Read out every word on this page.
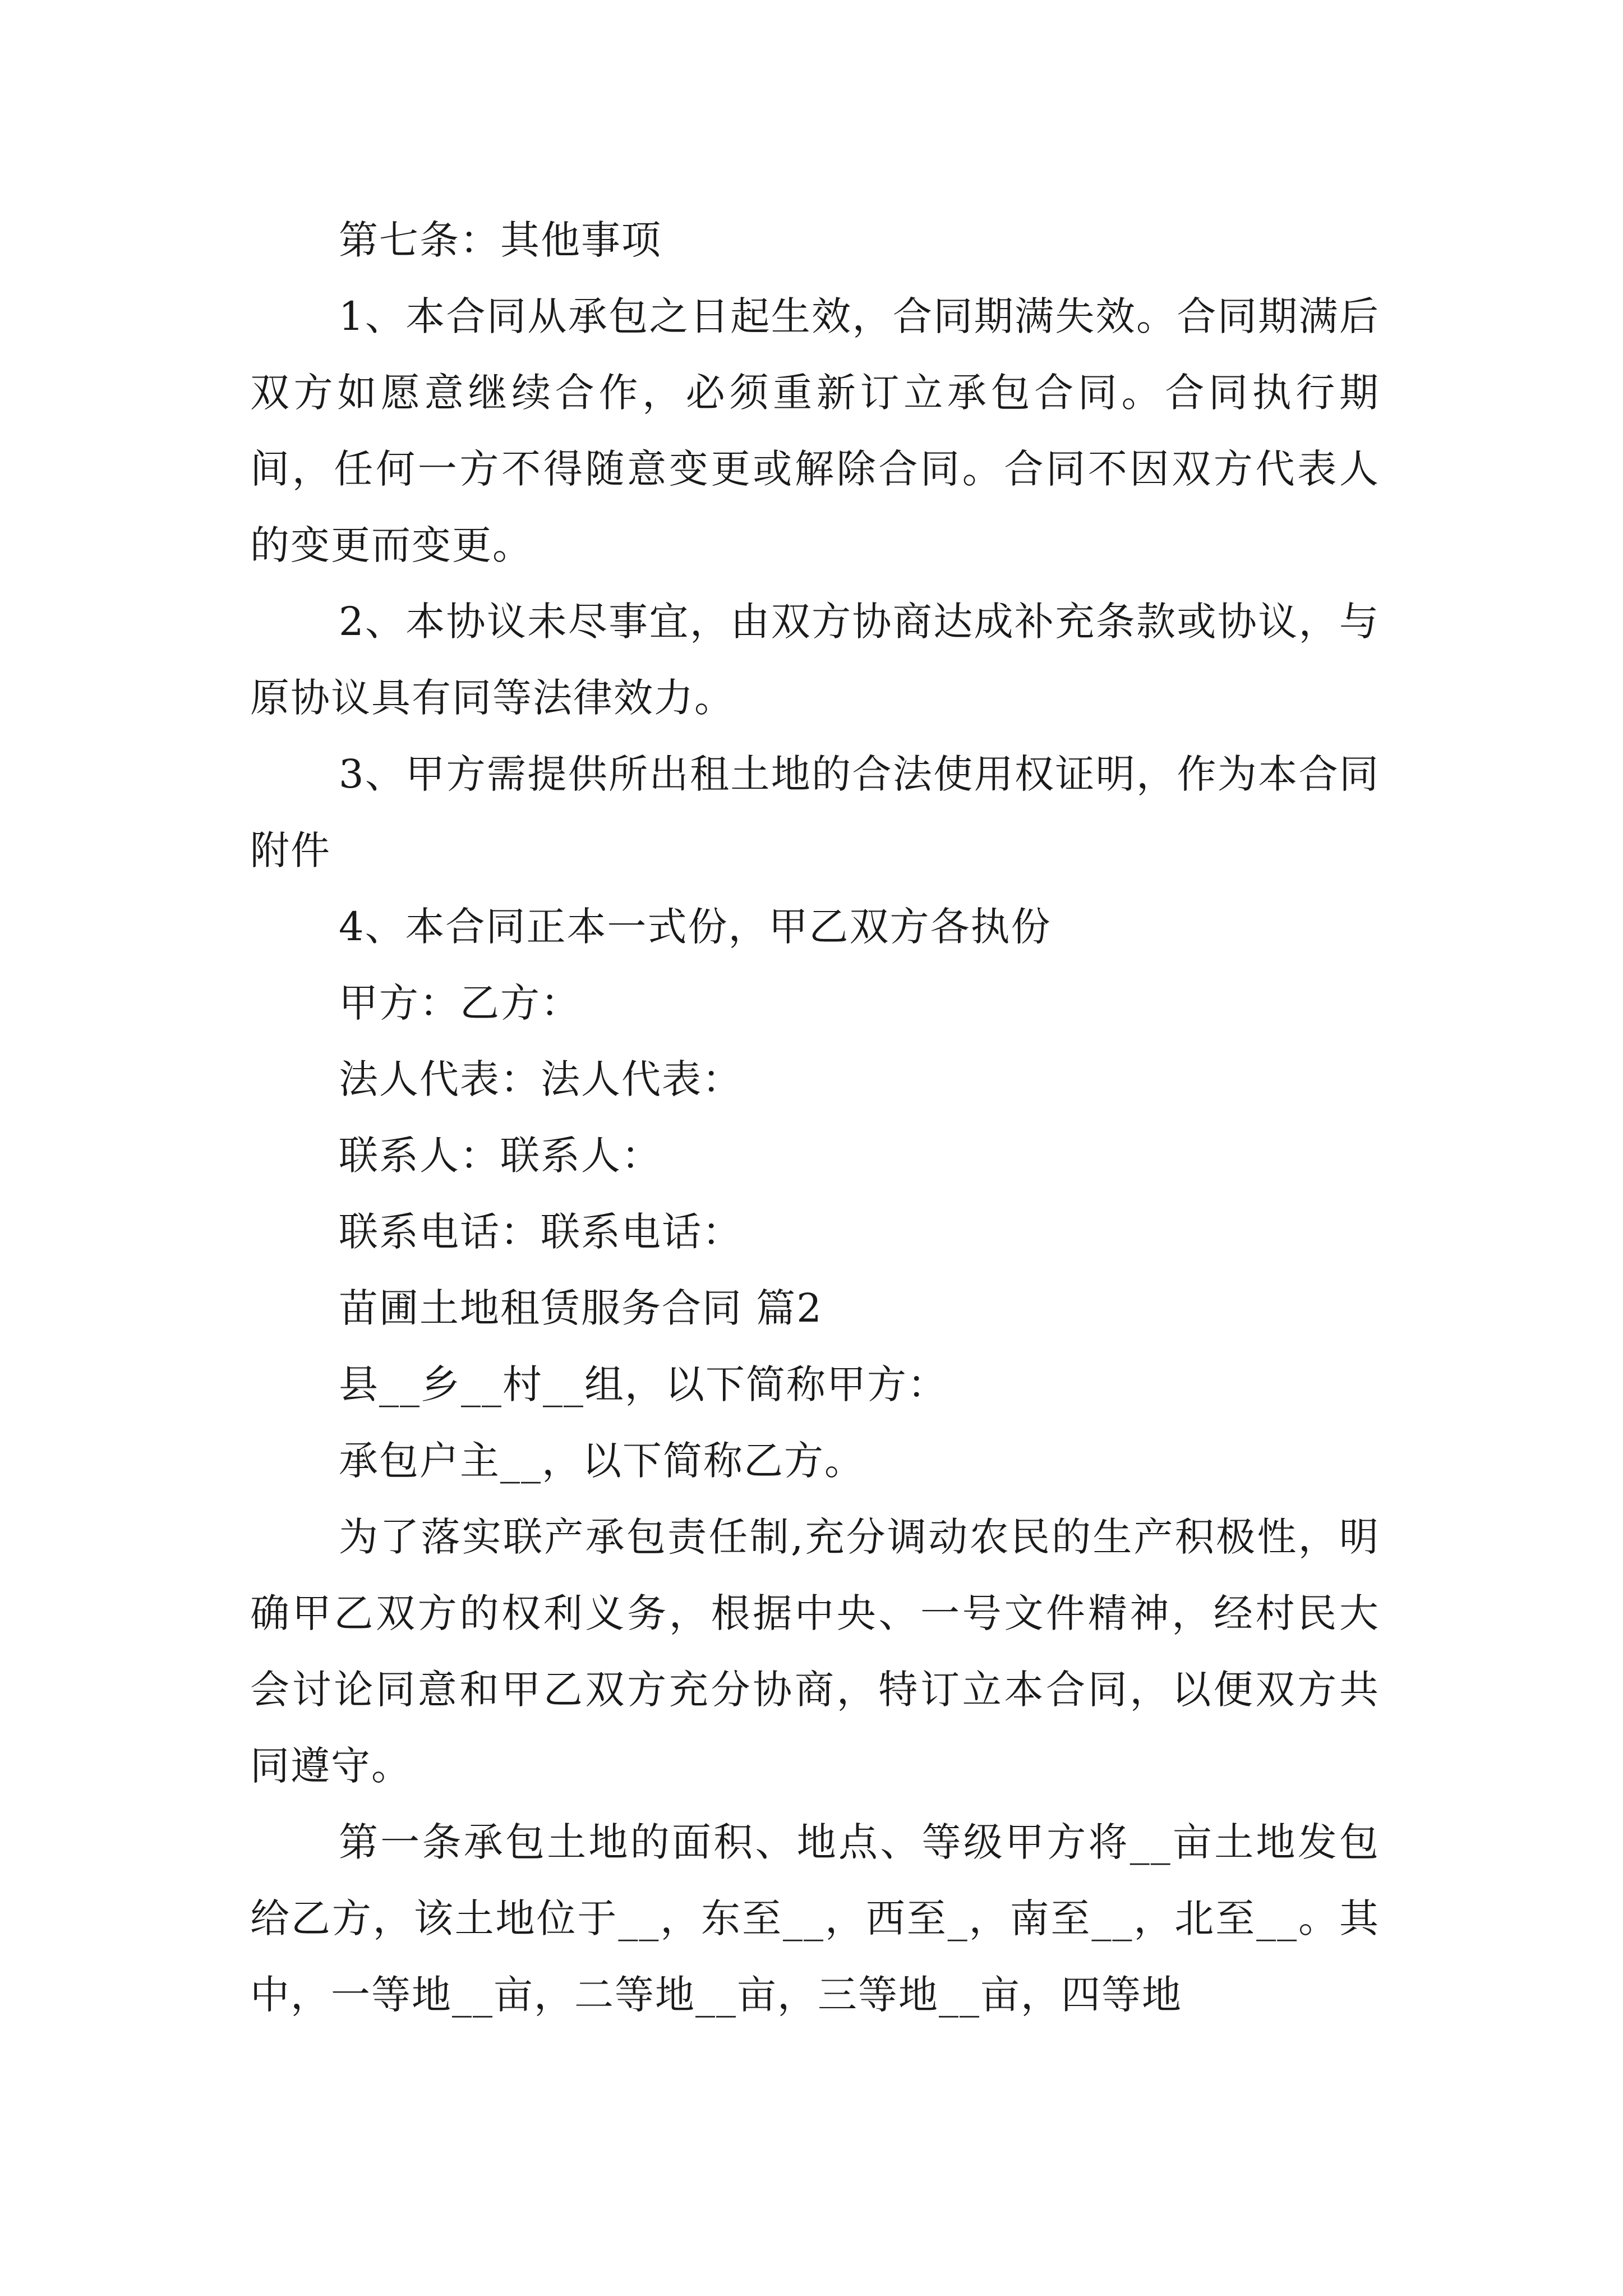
第七条：其他事项

1、本合同从承包之日起生效，合同期满失效。合同期满后双方如愿意继续合作，必须重新订立承包合同。合同执行期间，任何一方不得随意变更或解除合同。合同不因双方代表人的变更而变更。

2、本协议未尽事宜，由双方协商达成补充条款或协议，与原协议具有同等法律效力。

3、甲方需提供所出租土地的合法使用权证明，作为本合同附件

4、本合同正本一式份，甲乙双方各执份

甲方：乙方：

法人代表：法人代表：

联系人：联系人：

联系电话：联系电话：

苗圃土地租赁服务合同 篇2

县__乡__村__组，以下简称甲方：

承包户主__，以下简称乙方。

为了落实联产承包责任制,充分调动农民的生产积极性，明确甲乙双方的权利义务，根据中央、一号文件精神，经村民大会讨论同意和甲乙双方充分协商，特订立本合同，以便双方共同遵守。

第一条承包土地的面积、地点、等级甲方将__亩土地发包给乙方，该土地位于__，东至__，西至_，南至__，北至__。其中，一等地__亩，二等地__亩，三等地__亩，四等地
